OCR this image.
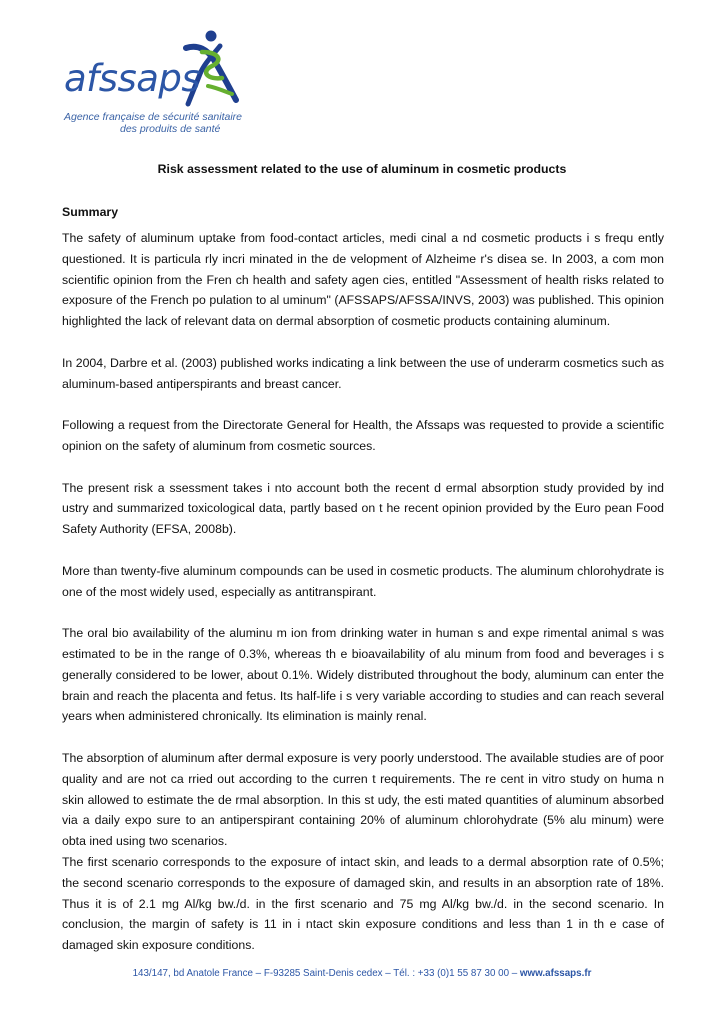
afssaps
Agence française de sécurité sanitaire
des produits de santé
Risk assessment related to the use of aluminum in cosmetic products
Summary

The safety of aluminum uptake from food-contact articles, medi cinal a nd cosmetic products i s frequ ently questioned. It is particula rly incri minated in the de velopment of Alzheime r's disea se. In 2003, a com mon scientific opinion from the Fren ch health and safety agen cies, entitled "Assessment of health risks related to exposure of the French po pulation to al uminum" (AFSSAPS/AFSSA/INVS, 2003) was published. This opinion highlighted the lack of relevant data on dermal absorption of cosmetic products containing aluminum.

In 2004, Darbre et al. (2003) published works indicating a link between the use of underarm cosmetics such as aluminum-based antiperspirants and breast cancer.

Following a request from the Directorate General for Health, the Afssaps was requested to provide a scientific opinion on the safety of aluminum from cosmetic sources.

The present risk a ssessment takes i nto account both the recent d ermal absorption study provided by ind ustry and summarized toxicological data, partly based on t he recent opinion provided by the Euro pean Food Safety Authority (EFSA, 2008b).

More than twenty-five aluminum compounds can be used in cosmetic products. The aluminum chlorohydrate is one of the most widely used, especially as antitranspirant.

The oral bio availability of the aluminu m ion from drinking water in human s and expe rimental animal s was estimated to be in the range of 0.3%, whereas th e bioavailability of alu minum from food and beverages i s generally considered to be lower, about 0.1%. Widely distributed throughout the body, aluminum can enter the brain and reach the placenta and fetus. Its half-life i s very variable according to studies and can reach several years when administered chronically. Its elimination is mainly renal.

The absorption of aluminum after dermal exposure is very poorly understood. The available studies are of poor quality and are not ca rried out according to the curren t requirements. The re cent in vitro study on huma n skin allowed to estimate the de rmal absorption. In this st udy, the esti mated quantities of aluminum absorbed via a daily expo sure to an antiperspirant containing 20% of aluminum chlorohydrate (5% alu minum) were obta ined using two scenarios.

The first scenario corresponds to the exposure of intact skin, and leads to a dermal absorption rate of 0.5%; the second scenario corresponds to the exposure of damaged skin, and results in an absorption rate of 18%. Thus it is of 2.1 mg Al/kg bw./d. in the first scenario and 75 mg Al/kg bw./d. in the second scenario. In conclusion, the margin of safety is 11 in i ntact skin exposure conditions and less than 1 in th e case of damaged skin exposure conditions.

143/147, bd Anatole France – F-93285 Saint-Denis cedex – Tél. : +33 (0)1 55 87 30 00 – www.afssaps.fr
